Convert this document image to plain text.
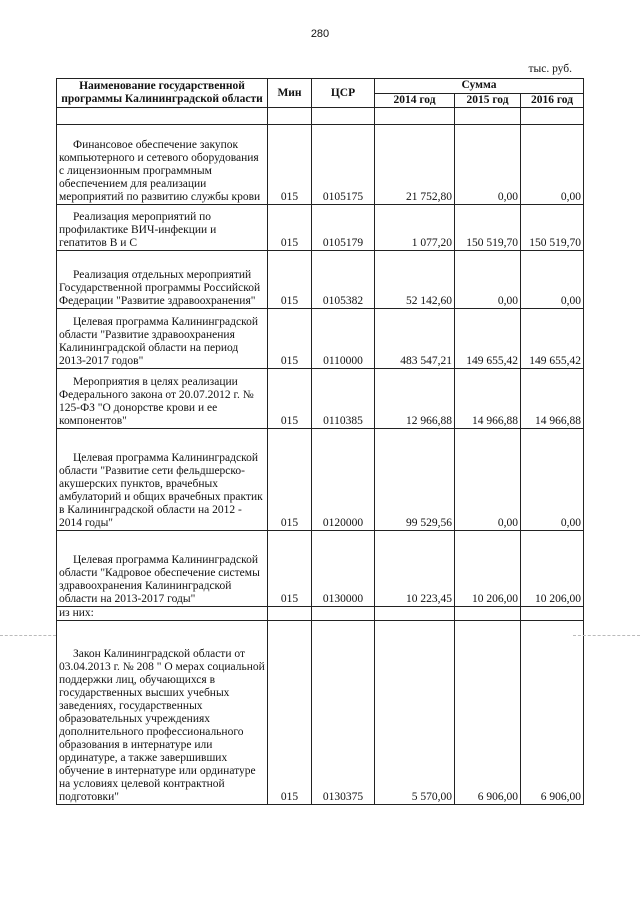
280
тыс. руб.
Наименование государственной программы Калининградской области	Мин	ЦСР	Сумма		
			2014 год	2015 год	2016 год

Финансовое обеспечение закупок компьютерного и сетевого оборудования с лицензионным программным обеспечением для реализации мероприятий по развитию службы крови	015	0105175	21 752,80	0,00	0,00
Реализация мероприятий по профилактике ВИЧ-инфекции и гепатитов В и С	015	0105179	1 077,20	150 519,70	150 519,70
Реализация отдельных мероприятий Государственной программы Российской Федерации "Развитие здравоохранения"	015	0105382	52 142,60	0,00	0,00
Целевая программа Калининградской области "Развитие здравоохранения Калининградской области на период 2013-2017 годов"	015	0110000	483 547,21	149 655,42	149 655,42
Мероприятия в целях реализации Федерального закона от 20.07.2012 г. № 125-ФЗ "О донорстве крови и ее компонентов"	015	0110385	12 966,88	14 966,88	14 966,88
Целевая программа Калининградской области "Развитие сети фельдшерско-акушерских пунктов, врачебных амбулаторий и общих врачебных практик в Калининградской области на 2012 - 2014 годы"	015	0120000	99 529,56	0,00	0,00
Целевая программа Калининградской области "Кадровое обеспечение системы здравоохранения Калининградской области на 2013-2017 годы"	015	0130000	10 223,45	10 206,00	10 206,00
из них:					
Закон Калининградской области от 03.04.2013 г. № 208 " О мерах социальной поддержки лиц, обучающихся в государственных высших учебных заведениях, государственных образовательных учреждениях дополнительного профессионального образования в интернатуре или ординатуре, а также завершивших обучение в интернатуре или ординатуре на условиях целевой контрактной подготовки"	015	0130375	5 570,00	6 906,00	6 906,00
